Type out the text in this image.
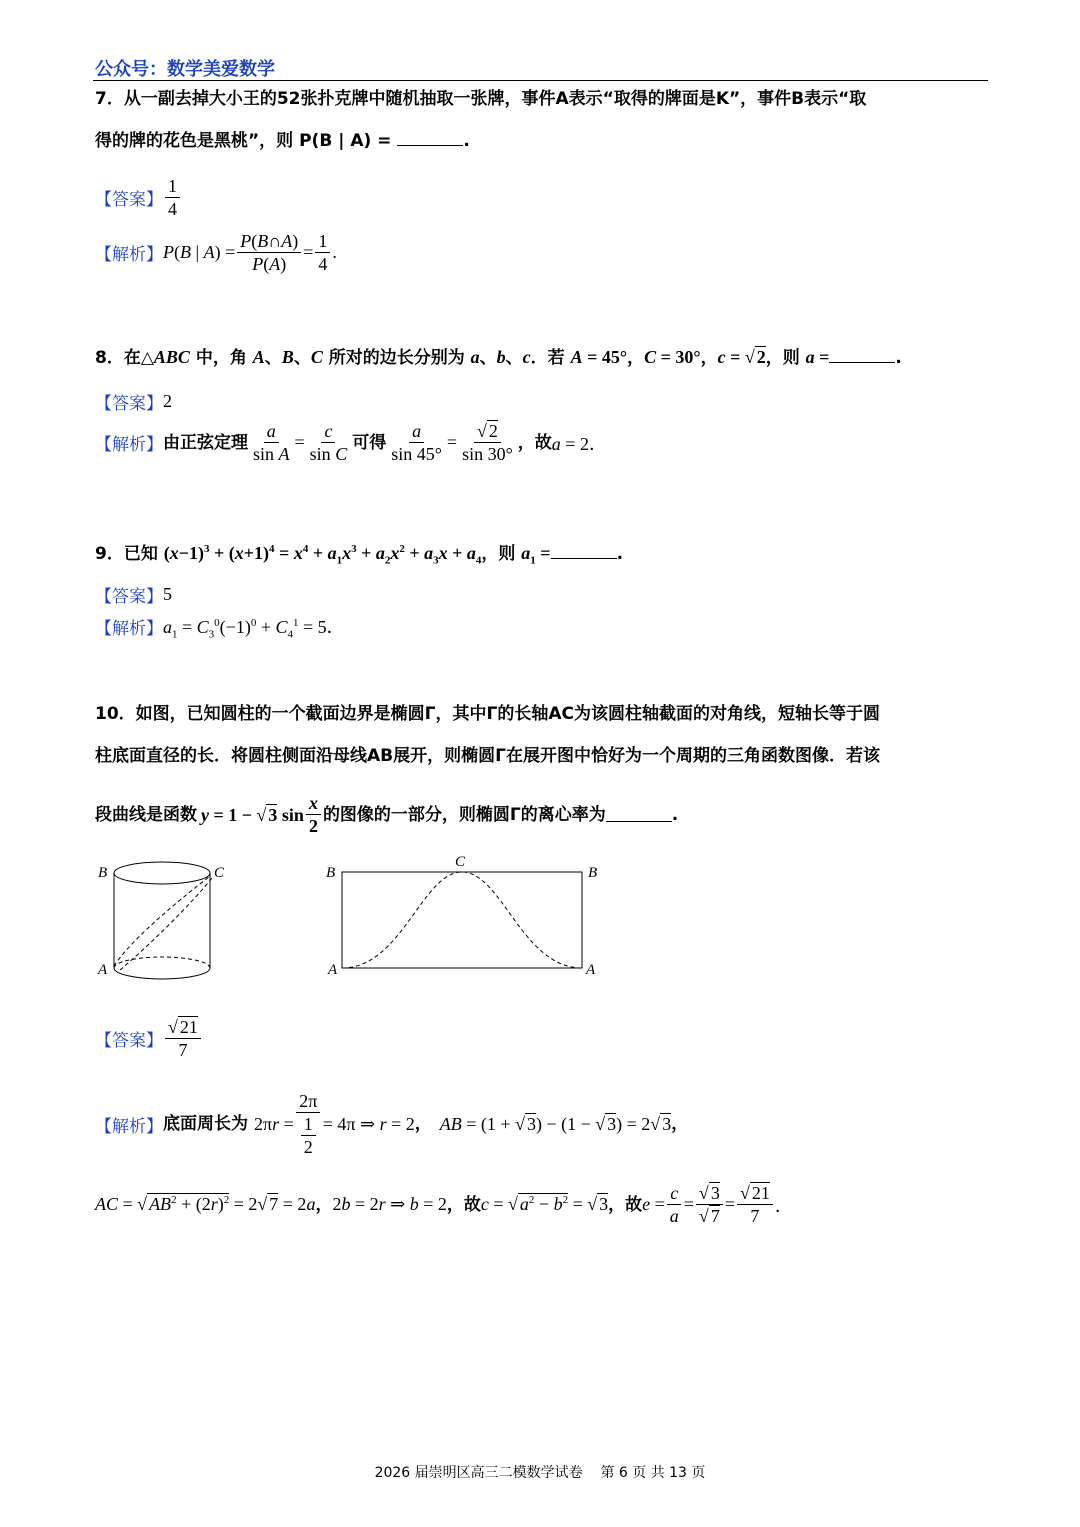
公众号：数学美爱数学
7．从一副去掉大小王的52张扑克牌中随机抽取一张牌，事件A表示“取得的牌面是K”，事件B表示“取
得的牌的花色是黑桃”，则 P(B | A) =	.
【答案】 $\frac{1}{4}$
【解析】 P(B | $A) = \frac{P(B\cap A)}{P(A)} = \frac{1}{4}$ .
8．在△ABC 中，角 A、B、C 所对的边长分别为 a、b、c．若 A = 45°，C = 30°，c = √ 2，则 a =	.
【答案】 2
【解析】 由正弦定理 $\frac{a}{\text{sin A}} = \frac{c}{\text{sin C}}$ 可得 $\frac{a}{\sin 45^\circ}$ =
√ $\frac{2}{\sin 30^\circ}$ ，故 a = 2．
9．已知 $(x-1)^3 + (x+1)^4 = x^4 + a_1x^3 + a_2x^2 + a_3x + a_4$，则 $a_1$ =	.
【答案】 5
【解析】 $a_1 = C_3^0(-1)^0 + C_4^1 = 5$．
10．如图，已知圆柱的一个截面边界是椭圆Γ，其中Γ的长轴AC为该圆柱轴截面的对角线，短轴长等于圆
柱底面直径的长．将圆柱侧面沿母线AB展开，则椭圆Γ在展开图中恰好为一个周期的三角函数图像．若该
段曲线是函数 y = 1 − √ 3 $\sin \frac{x}{2}$ 的图像的一部分，则椭圆Γ的离心率为	.
B	C
A
B
C
B
A	A
【答案】
√ $\frac{21}{7}$
【解析】 底面周长为 $2\pi r = \frac{2\pi}{\frac{1}{2}} = 4\pi$ ⇒ r = 2 ， AB = (1 + √ 3) − (1 − √ 3) = 2√ 3 ，
AC = √ $AB^2 + (2r)^2 = 2√$ 7 = 2a ， 2b = 2r ⇒ b = 2 ，故 c = √ $a^2 - b^2$ = √ 3 ，故 $e = \frac{c}{a}$ =
√ 3
√ 7 =
√ $\frac{21}{7}$ ．
2026 届崇明区高三二模数学试卷    第 6 页 共 13 页
